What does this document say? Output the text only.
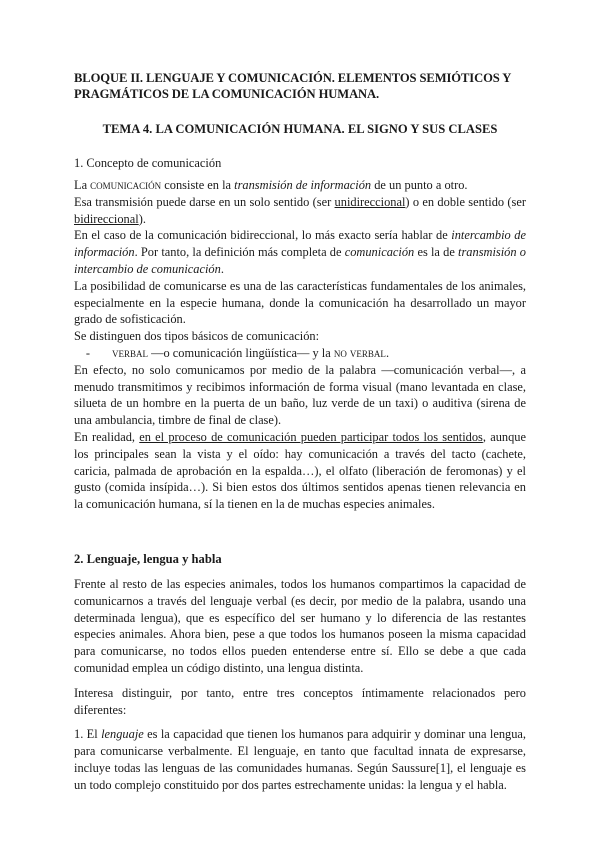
BLOQUE II. LENGUAJE Y COMUNICACIÓN. ELEMENTOS SEMIÓTICOS Y
PRAGMÁTICOS DE LA COMUNICACIÓN HUMANA.
TEMA 4. LA COMUNICACIÓN HUMANA. EL SIGNO Y SUS CLASES
1. Concepto de comunicación

La comunicación consiste en la transmisión de información de un punto a otro.

Esa transmisión puede darse en un solo sentido (ser unidireccional) o en doble sentido (ser bidireccional).

En el caso de la comunicación bidireccional, lo más exacto sería hablar de intercambio de información. Por tanto, la definición más completa de comunicación es la de transmisión o intercambio de comunicación.

La posibilidad de comunicarse es una de las características fundamentales de los animales, especialmente en la especie humana, donde la comunicación ha desarrollado un mayor grado de sofisticación.

Se distinguen dos tipos básicos de comunicación:

-	verbal —o comunicación lingüística— y la no verbal.

En efecto, no solo comunicamos por medio de la palabra —comunicación verbal—, a menudo transmitimos y recibimos información de forma visual (mano levantada en clase, silueta de un hombre en la puerta de un baño, luz verde de un taxi) o auditiva (sirena de una ambulancia, timbre de final de clase).

En realidad, en el proceso de comunicación pueden participar todos los sentidos, aunque los principales sean la vista y el oído: hay comunicación a través del tacto (cachete, caricia, palmada de aprobación en la espalda…), el olfato (liberación de feromonas) y el gusto (comida insípida…). Si bien estos dos últimos sentidos apenas tienen relevancia en la comunicación humana, sí la tienen en la de muchas especies animales.

2. Lenguaje, lengua y habla

Frente al resto de las especies animales, todos los humanos compartimos la capacidad de comunicarnos a través del lenguaje verbal (es decir, por medio de la palabra, usando una determinada lengua), que es específico del ser humano y lo diferencia de las restantes especies animales. Ahora bien, pese a que todos los humanos poseen la misma capacidad para comunicarse, no todos ellos pueden entenderse entre sí. Ello se debe a que cada comunidad emplea un código distinto, una lengua distinta.

Interesa distinguir, por tanto, entre tres conceptos íntimamente relacionados pero diferentes:

1. El lenguaje es la capacidad que tienen los humanos para adquirir y dominar una lengua, para comunicarse verbalmente. El lenguaje, en tanto que facultad innata de expresarse, incluye todas las lenguas de las comunidades humanas. Según Saussure[1], el lenguaje es un todo complejo constituido por dos partes estrechamente unidas: la lengua y el habla.
